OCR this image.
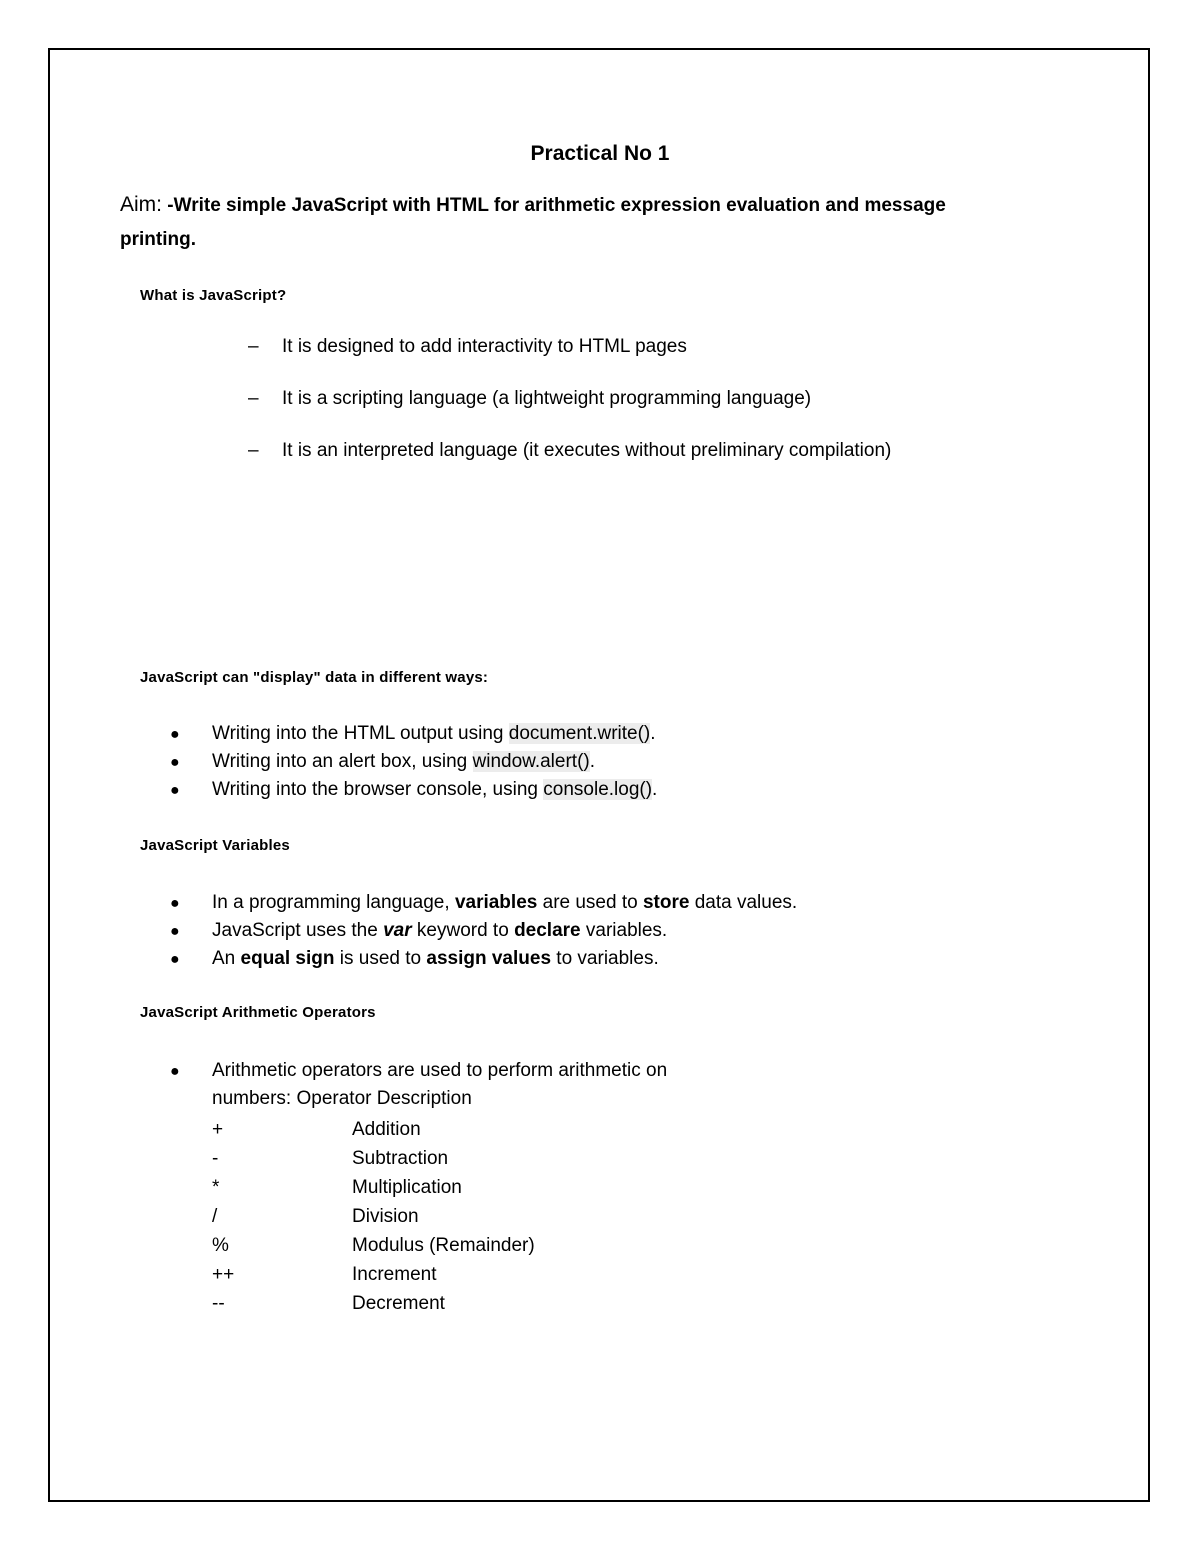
Practical No 1
Aim: -Write simple JavaScript with HTML for arithmetic expression evaluation and message
printing.
What is JavaScript?
– It is designed to add interactivity to HTML pages
– It is a scripting language (a lightweight programming language)
– It is an interpreted language (it executes without preliminary compilation)
JavaScript can "display" data in different ways:
● Writing into the HTML output using document.write().
● Writing into an alert box, using window.alert().
● Writing into the browser console, using console.log().
JavaScript Variables
● In a programming language, variables are used to store data values.
● JavaScript uses the var keyword to declare variables.
● An equal sign is used to assign values to variables.
JavaScript Arithmetic Operators
● Arithmetic operators are used to perform arithmetic on
numbers: Operator Description
+	Addition
-	Subtraction
*	Multiplication
/	Division
%	Modulus (Remainder)
++	Increment
--	Decrement
